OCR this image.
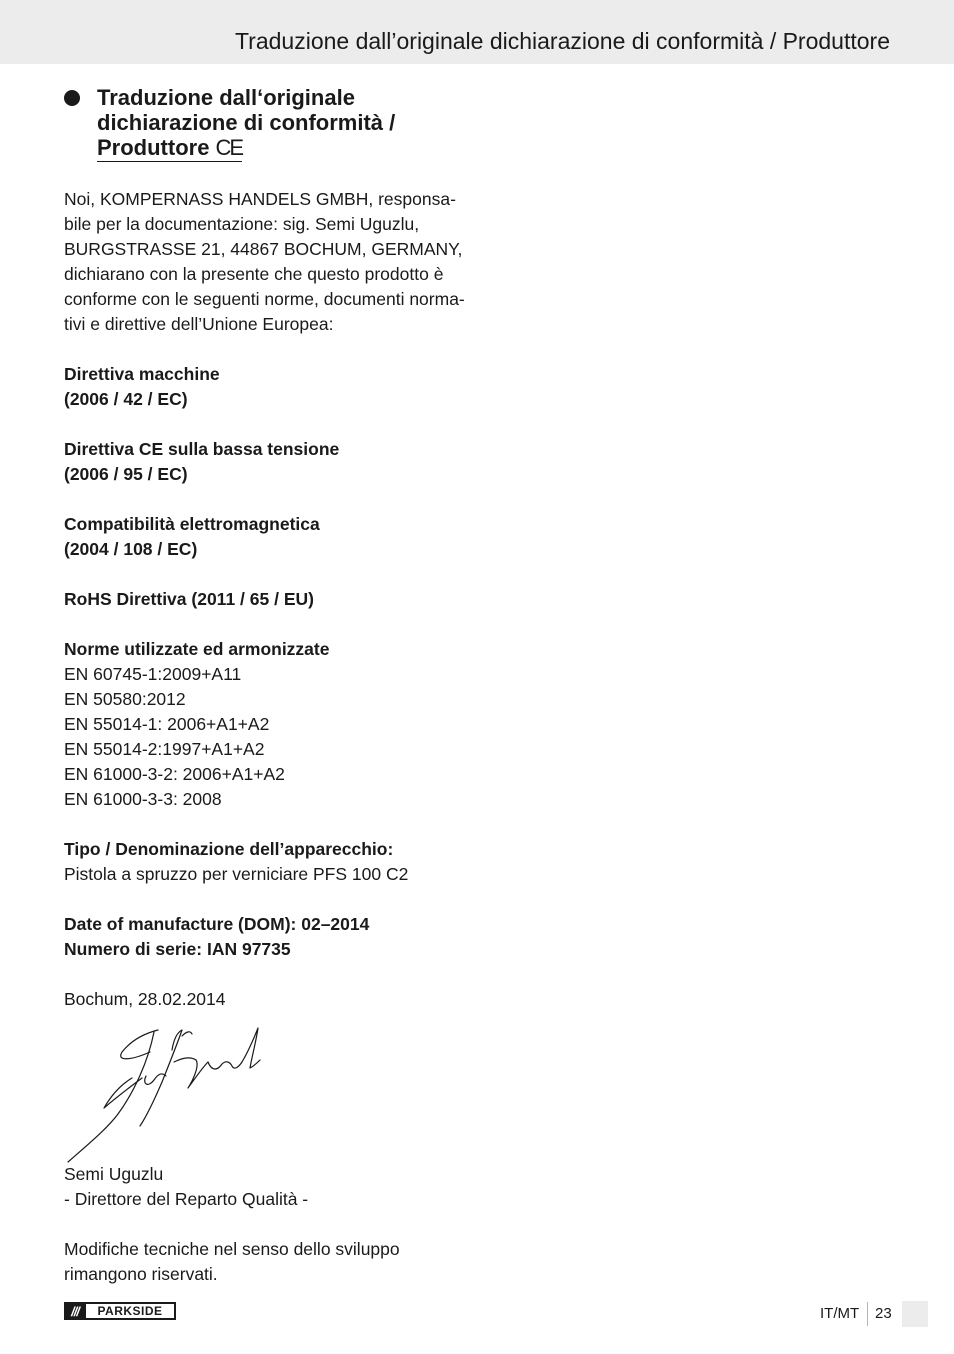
Traduzione dall’originale dichiarazione di conformità / Produttore
Traduzione dall‘originale
dichiarazione di conformità /
Produttore CE

Noi, KOMPERNASS HANDELS GMBH, responsa-

bile per la documentazione: sig. Semi Uguzlu,

BURGSTRASSE 21, 44867 BOCHUM, GERMANY,

dichiarano con la presente che questo prodotto è

conforme con le seguenti norme, documenti norma-

tivi e direttive dell’Unione Europea:

Direttiva macchine

(2006 / 42 / EC)

Direttiva CE sulla bassa tensione

(2006 / 95 / EC)

Compatibilità elettromagnetica

(2004 / 108 / EC)

RoHS Direttiva (2011 / 65 / EU)

Norme utilizzate ed armonizzate

EN 60745-1:2009+A11

EN 50580:2012

EN 55014-1: 2006+A1+A2

EN 55014-2:1997+A1+A2

EN 61000-3-2: 2006+A1+A2

EN 61000-3-3: 2008

Tipo / Denominazione dell’apparecchio:

Pistola a spruzzo per verniciare PFS 100 C2

Date of manufacture (DOM): 02–2014

Numero di serie: IAN 97735

Bochum, 28.02.2014

Semi Uguzlu

- Direttore del Reparto Qualità -

Modifiche tecniche nel senso dello sviluppo

rimangono riservati.

///	PARKSIDE	IT/MT 23
